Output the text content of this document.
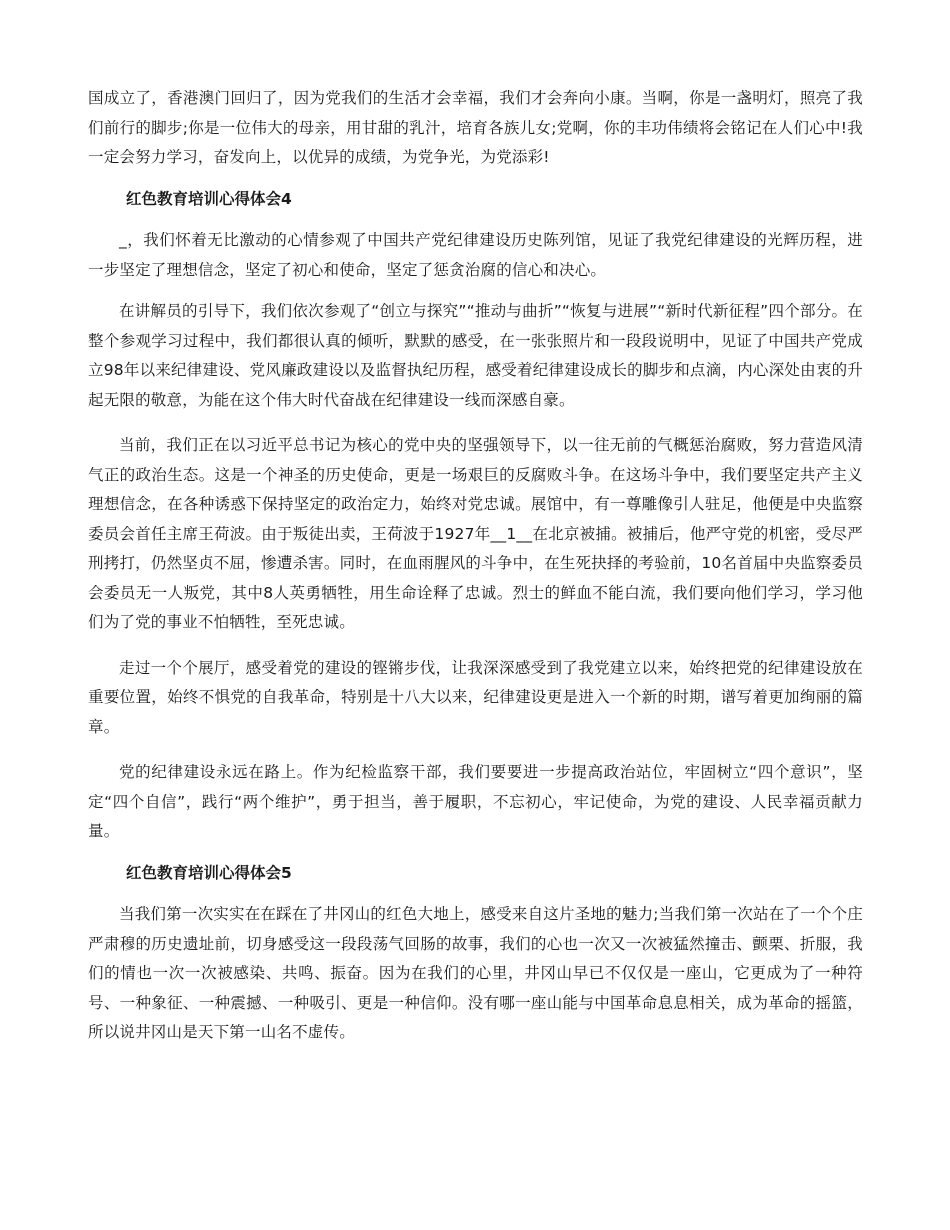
国成立了，香港澳门回归了，因为党我们的生活才会幸福，我们才会奔向小康。当啊，你是一盏明灯，照亮了我们前行的脚步;你是一位伟大的母亲，用甘甜的乳汁，培育各族儿女;党啊，你的丰功伟绩将会铭记在人们心中!我一定会努力学习，奋发向上，以优异的成绩，为党争光，为党添彩!

红色教育培训心得体会4

_，我们怀着无比激动的心情参观了中国共产党纪律建设历史陈列馆，见证了我党纪律建设的光辉历程，进一步坚定了理想信念，坚定了初心和使命，坚定了惩贪治腐的信心和决心。

在讲解员的引导下，我们依次参观了“创立与探究”“推动与曲折”“恢复与进展”“新时代新征程”四个部分。在整个参观学习过程中，我们都很认真的倾听，默默的感受，在一张张照片和一段段说明中，见证了中国共产党成立98年以来纪律建设、党风廉政建设以及监督执纪历程，感受着纪律建设成长的脚步和点滴，内心深处由衷的升起无限的敬意，为能在这个伟大时代奋战在纪律建设一线而深感自豪。

当前，我们正在以习近平总书记为核心的党中央的坚强领导下，以一往无前的气概惩治腐败，努力营造风清气正的政治生态。这是一个神圣的历史使命，更是一场艰巨的反腐败斗争。在这场斗争中，我们要坚定共产主义理想信念，在各种诱惑下保持坚定的政治定力，始终对党忠诚。展馆中，有一尊雕像引人驻足，他便是中央监察委员会首任主席王荷波。由于叛徒出卖，王荷波于1927年__1__在北京被捕。被捕后，他严守党的机密，受尽严刑拷打，仍然坚贞不屈，惨遭杀害。同时，在血雨腥风的斗争中，在生死抉择的考验前，10名首届中央监察委员会委员无一人叛党，其中8人英勇牺牲，用生命诠释了忠诚。烈士的鲜血不能白流，我们要向他们学习，学习他们为了党的事业不怕牺牲，至死忠诚。

走过一个个展厅，感受着党的建设的铿锵步伐，让我深深感受到了我党建立以来，始终把党的纪律建设放在重要位置，始终不惧党的自我革命，特别是十八大以来，纪律建设更是进入一个新的时期，谱写着更加绚丽的篇章。

党的纪律建设永远在路上。作为纪检监察干部，我们要要进一步提高政治站位，牢固树立“四个意识”，坚定“四个自信”，践行“两个维护”，勇于担当，善于履职，不忘初心，牢记使命，为党的建设、人民幸福贡献力量。

红色教育培训心得体会5

当我们第一次实实在在踩在了井冈山的红色大地上，感受来自这片圣地的魅力;当我们第一次站在了一个个庄严肃穆的历史遗址前，切身感受这一段段荡气回肠的故事，我们的心也一次又一次被猛然撞击、颤栗、折服，我们的情也一次一次被感染、共鸣、振奋。因为在我们的心里，井冈山早已不仅仅是一座山，它更成为了一种符号、一种象征、一种震撼、一种吸引、更是一种信仰。没有哪一座山能与中国革命息息相关，成为革命的摇篮，所以说井冈山是天下第一山名不虚传。
